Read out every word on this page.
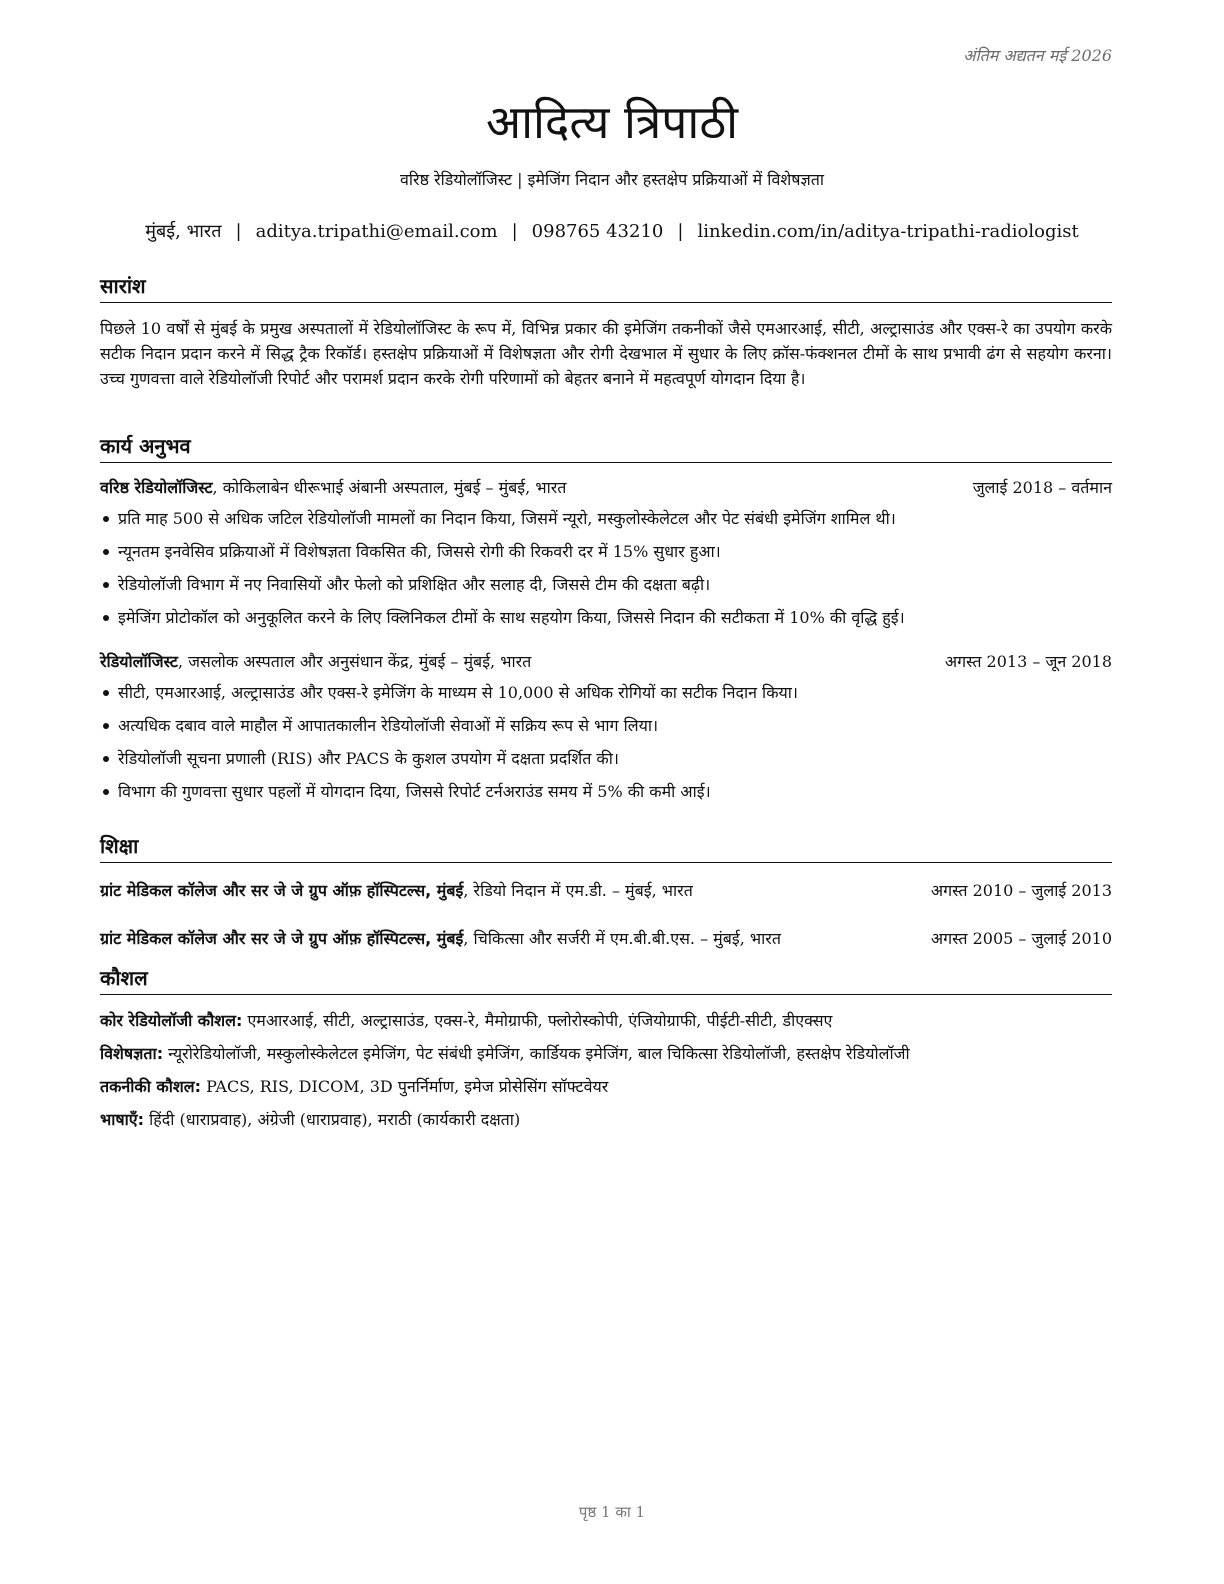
अंतिम अद्यतन मई 2026
आदित्य त्रिपाठी
वरिष्ठ रेडियोलॉजिस्ट | इमेजिंग निदान और हस्तक्षेप प्रक्रियाओं में विशेषज्ञता
मुंबई, भारत | aditya.tripathi@email.com | 098765 43210 | linkedin.com/in/aditya-tripathi-radiologist
सारांश
पिछले 10 वर्षों से मुंबई के प्रमुख अस्पतालों में रेडियोलॉजिस्ट के रूप में, विभिन्न प्रकार की इमेजिंग तकनीकों जैसे एमआरआई, सीटी, अल्ट्रासाउंड और एक्स-रे का उपयोग करके सटीक निदान प्रदान करने में सिद्ध ट्रैक रिकॉर्ड। हस्तक्षेप प्रक्रियाओं में विशेषज्ञता और रोगी देखभाल में सुधार के लिए क्रॉस-फंक्शनल टीमों के साथ प्रभावी ढंग से सहयोग करना। उच्च गुणवत्ता वाले रेडियोलॉजी रिपोर्ट और परामर्श प्रदान करके रोगी परिणामों को बेहतर बनाने में महत्वपूर्ण योगदान दिया है।
कार्य अनुभव
वरिष्ठ रेडियोलॉजिस्ट, कोकिलाबेन धीरूभाई अंबानी अस्पताल, मुंबई – मुंबई, भारत	जुलाई 2018 – वर्तमान
प्रति माह 500 से अधिक जटिल रेडियोलॉजी मामलों का निदान किया, जिसमें न्यूरो, मस्कुलोस्केलेटल और पेट संबंधी इमेजिंग शामिल थी।
न्यूनतम इनवेसिव प्रक्रियाओं में विशेषज्ञता विकसित की, जिससे रोगी की रिकवरी दर में 15% सुधार हुआ।
रेडियोलॉजी विभाग में नए निवासियों और फेलो को प्रशिक्षित और सलाह दी, जिससे टीम की दक्षता बढ़ी।
इमेजिंग प्रोटोकॉल को अनुकूलित करने के लिए क्लिनिकल टीमों के साथ सहयोग किया, जिससे निदान की सटीकता में 10% की वृद्धि हुई।
रेडियोलॉजिस्ट, जसलोक अस्पताल और अनुसंधान केंद्र, मुंबई – मुंबई, भारत	अगस्त 2013 – जून 2018
सीटी, एमआरआई, अल्ट्रासाउंड और एक्स-रे इमेजिंग के माध्यम से 10,000 से अधिक रोगियों का सटीक निदान किया।
अत्यधिक दबाव वाले माहौल में आपातकालीन रेडियोलॉजी सेवाओं में सक्रिय रूप से भाग लिया।
रेडियोलॉजी सूचना प्रणाली (RIS) और PACS के कुशल उपयोग में दक्षता प्रदर्शित की।
विभाग की गुणवत्ता सुधार पहलों में योगदान दिया, जिससे रिपोर्ट टर्नअराउंड समय में 5% की कमी आई।
शिक्षा
ग्रांट मेडिकल कॉलेज और सर जे जे ग्रुप ऑफ़ हॉस्पिटल्स, मुंबई, रेडियो निदान में एम.डी. – मुंबई, भारत	अगस्त 2010 – जुलाई 2013
ग्रांट मेडिकल कॉलेज और सर जे जे ग्रुप ऑफ़ हॉस्पिटल्स, मुंबई, चिकित्सा और सर्जरी में एम.बी.बी.एस. – मुंबई, भारत	अगस्त 2005 – जुलाई 2010
कौशल
कोर रेडियोलॉजी कौशल: एमआरआई, सीटी, अल्ट्रासाउंड, एक्स-रे, मैमोग्राफी, फ्लोरोस्कोपी, एंजियोग्राफी, पीईटी-सीटी, डीएक्सए
विशेषज्ञता: न्यूरोरेडियोलॉजी, मस्कुलोस्केलेटल इमेजिंग, पेट संबंधी इमेजिंग, कार्डियक इमेजिंग, बाल चिकित्सा रेडियोलॉजी, हस्तक्षेप रेडियोलॉजी
तकनीकी कौशल: PACS, RIS, DICOM, 3D पुनर्निर्माण, इमेज प्रोसेसिंग सॉफ्टवेयर
भाषाएँ: हिंदी (धाराप्रवाह), अंग्रेजी (धाराप्रवाह), मराठी (कार्यकारी दक्षता)
पृष्ठ 1 का 1
